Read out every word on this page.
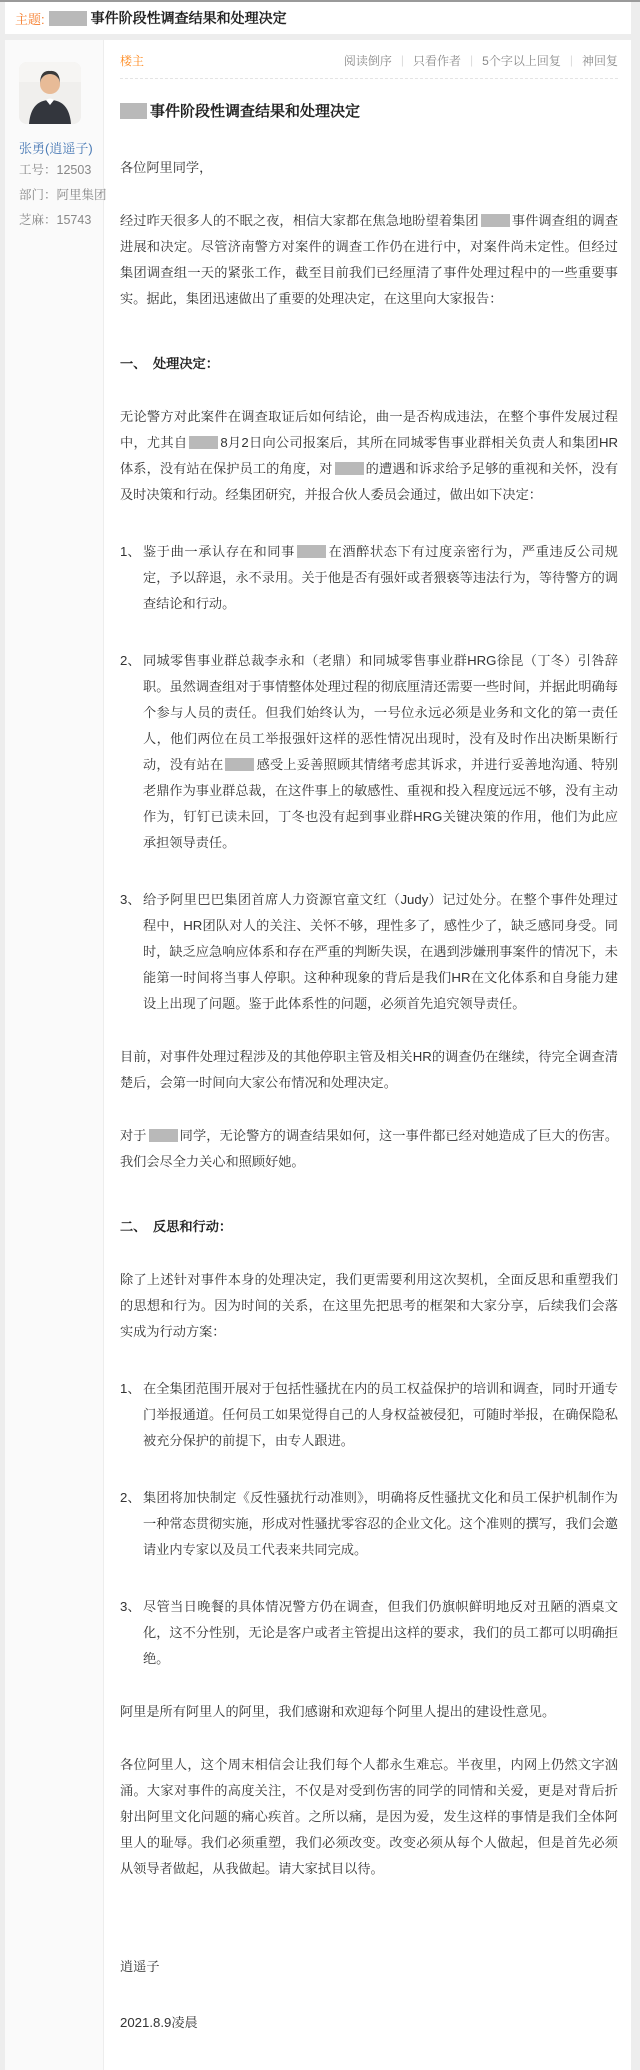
主题:	事件阶段性调查结果和处理决定
张勇(逍遥子)
工号：12503
部门：阿里集团
芝麻：15743
楼主	阅读倒序 | 只看作者 | 5个字以上回复 | 神回复
事件阶段性调查结果和处理决定
各位阿里同学，
经过昨天很多人的不眠之夜，相信大家都在焦急地盼望着集团	事件调查组的调查进展和决定。尽管济南警方对案件的调查工作仍在进行中，对案件尚未定性。但经过集团调查组一天的紧张工作，截至目前我们已经厘清了事件处理过程中的一些重要事实。据此，集团迅速做出了重要的处理决定，在这里向大家报告：
一、　处理决定：
无论警方对此案件在调查取证后如何结论，曲一是否构成违法，在整个事件发展过程中，尤其自	8月2日向公司报案后，其所在同城零售事业群相关负责人和集团HR体系，没有站在保护员工的角度，对	的遭遇和诉求给予足够的重视和关怀，没有及时决策和行动。经集团研究，并报合伙人委员会通过，做出如下决定：
1、 鉴于曲一承认存在和同事	在酒醉状态下有过度亲密行为，严重违反公司规定，予以辞退，永不录用。关于他是否有强奸或者猥亵等违法行为，等待警方的调查结论和行动。
2、 同城零售事业群总裁李永和（老鼎）和同城零售事业群HRG徐昆（丁冬）引咎辞职。虽然调查组对于事情整体处理过程的彻底厘清还需要一些时间，并据此明确每个参与人员的责任。但我们始终认为，一号位永远必须是业务和文化的第一责任人，他们两位在员工举报强奸这样的恶性情况出现时，没有及时作出决断果断行动，没有站在	感受上妥善照顾其情绪考虑其诉求，并进行妥善地沟通、特别老鼎作为事业群总裁，在这件事上的敏感性、重视和投入程度远远不够，没有主动作为，钉钉已读未回，丁冬也没有起到事业群HRG关键决策的作用，他们为此应承担领导责任。
3、 给予阿里巴巴集团首席人力资源官童文红（Judy）记过处分。在整个事件处理过程中，HR团队对人的关注、关怀不够，理性多了，感性少了，缺乏感同身受。同时，缺乏应急响应体系和存在严重的判断失误，在遇到涉嫌刑事案件的情况下，未能第一时间将当事人停职。这种种现象的背后是我们HR在文化体系和自身能力建设上出现了问题。鉴于此体系性的问题，必须首先追究领导责任。
目前，对事件处理过程涉及的其他停职主管及相关HR的调查仍在继续，待完全调查清楚后，会第一时间向大家公布情况和处理决定。
对于	同学，无论警方的调查结果如何，这一事件都已经对她造成了巨大的伤害。我们会尽全力关心和照顾好她。
二、　反思和行动：
除了上述针对事件本身的处理决定，我们更需要利用这次契机，全面反思和重塑我们的思想和行为。因为时间的关系，在这里先把思考的框架和大家分享，后续我们会落实成为行动方案：
1、 在全集团范围开展对于包括性骚扰在内的员工权益保护的培训和调查，同时开通专门举报通道。任何员工如果觉得自己的人身权益被侵犯，可随时举报，在确保隐私被充分保护的前提下，由专人跟进。
2、 集团将加快制定《反性骚扰行动准则》，明确将反性骚扰文化和员工保护机制作为一种常态贯彻实施，形成对性骚扰零容忍的企业文化。这个准则的撰写，我们会邀请业内专家以及员工代表来共同完成。
3、 尽管当日晚餐的具体情况警方仍在调查，但我们仍旗帜鲜明地反对丑陋的酒桌文化，这不分性别，无论是客户或者主管提出这样的要求，我们的员工都可以明确拒绝。
阿里是所有阿里人的阿里，我们感谢和欢迎每个阿里人提出的建设性意见。
各位阿里人，这个周末相信会让我们每个人都永生难忘。半夜里，内网上仍然文字汹涌。大家对事件的高度关注，不仅是对受到伤害的同学的同情和关爱，更是对背后折射出阿里文化问题的痛心疾首。之所以痛，是因为爱，发生这样的事情是我们全体阿里人的耻辱。我们必须重塑，我们必须改变。改变必须从每个人做起，但是首先必须从领导者做起，从我做起。请大家拭目以待。
逍遥子
2021.8.9凌晨
